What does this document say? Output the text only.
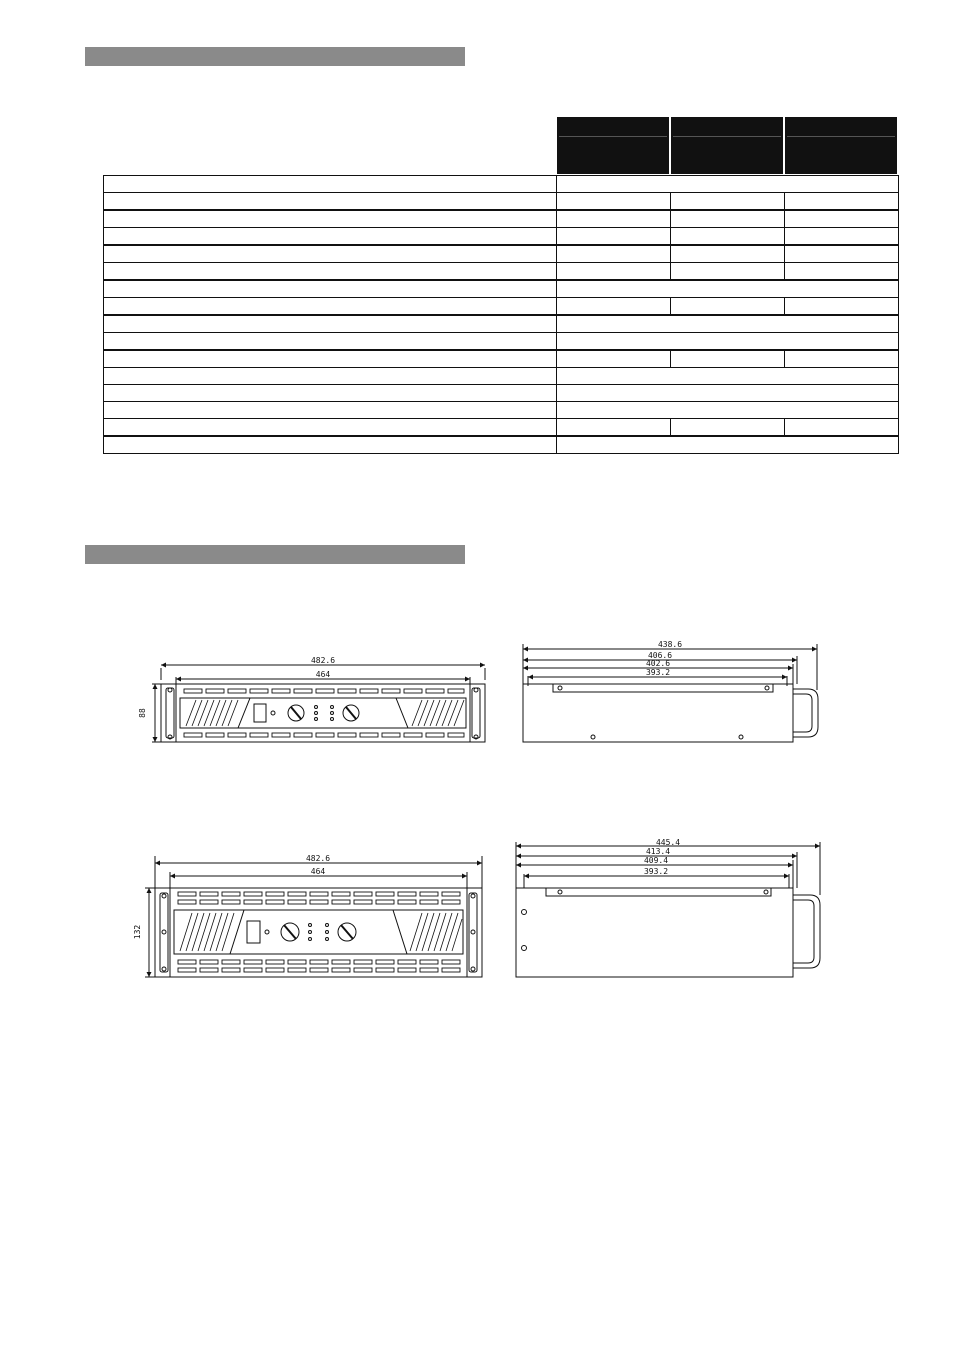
482.6
464
88
438.6
406.6
402.6
393.2
482.6
464
132
445.4
413.4
409.4
393.2
